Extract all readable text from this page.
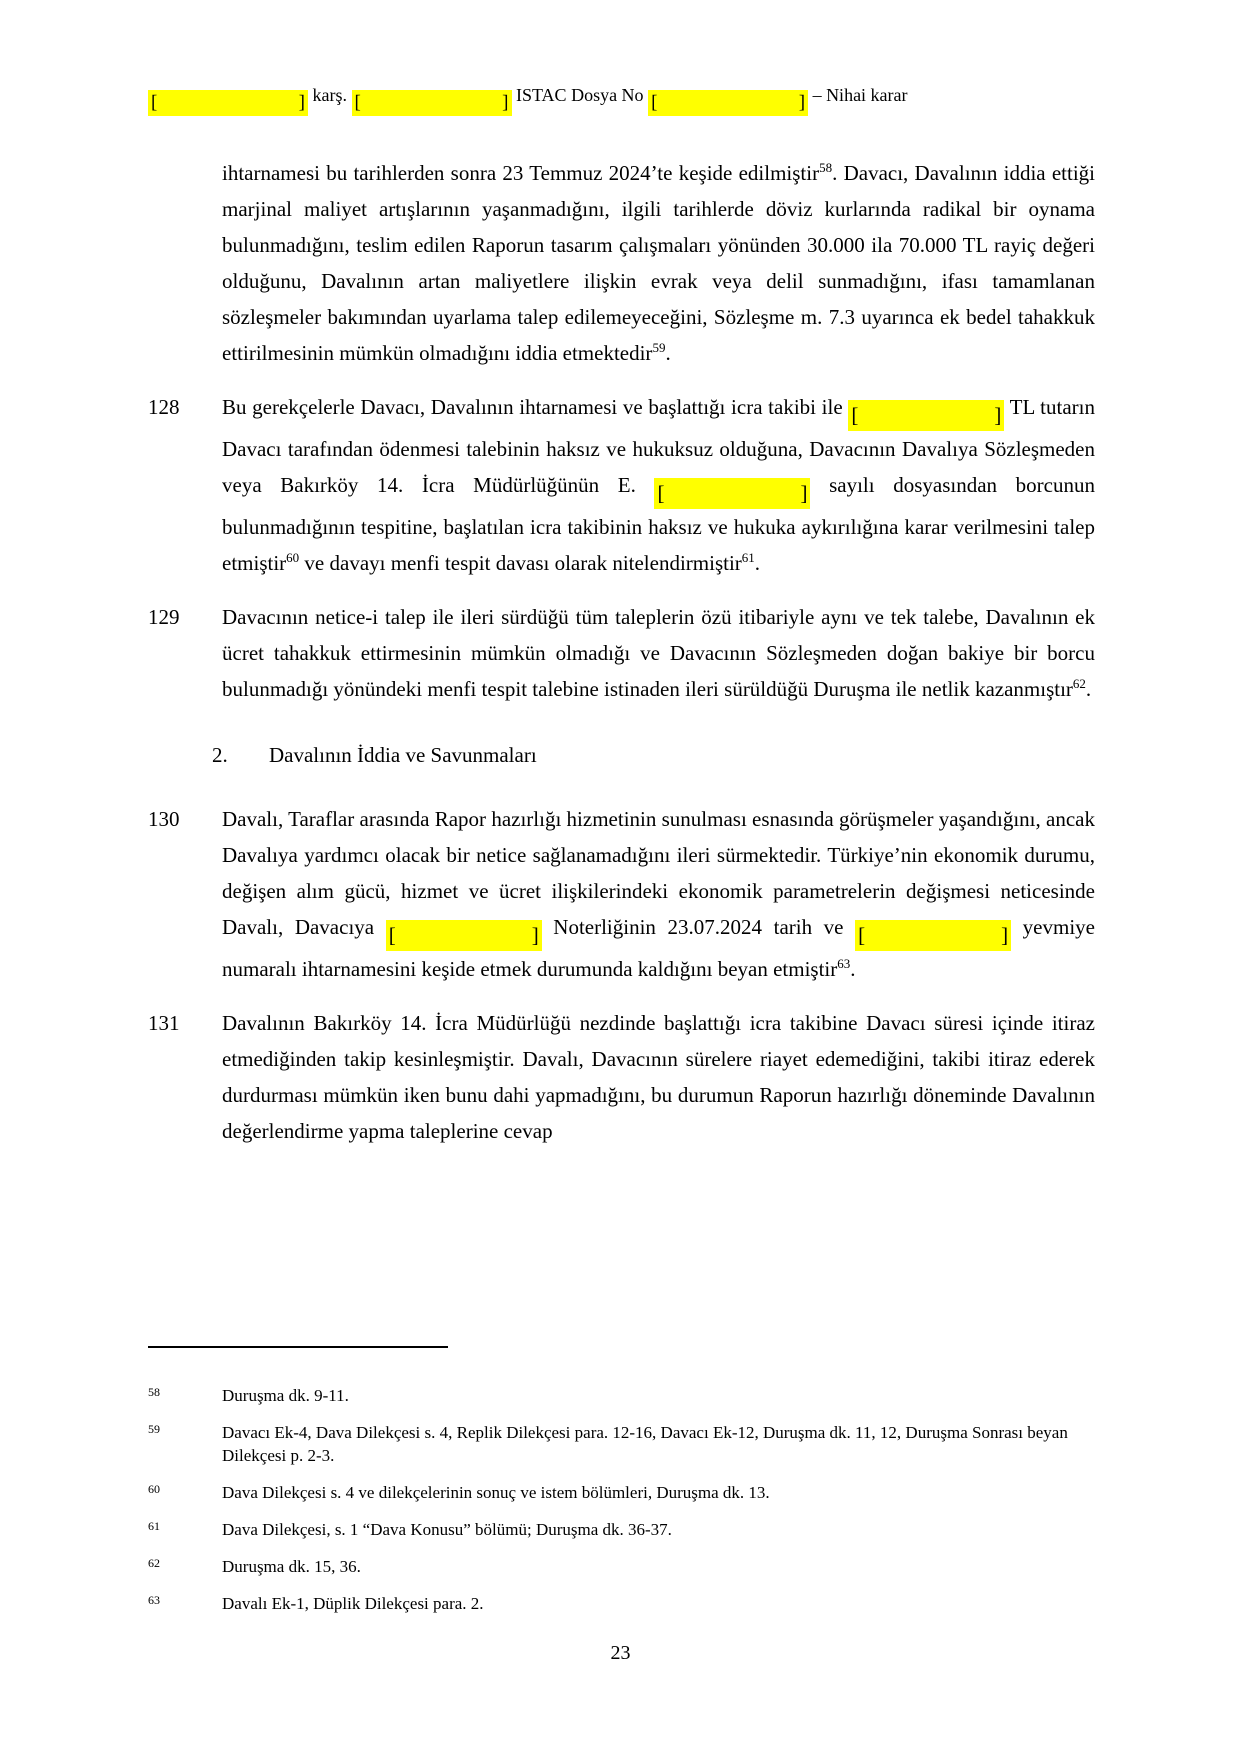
[	] karş. [	] ISTAC Dosya No [	] – Nihai karar
ihtarnamesi bu tarihlerden sonra 23 Temmuz 2024’te keşide edilmiştir$^{58}$. Davacı, Davalının iddia ettiği marjinal maliyet artışlarının yaşanmadığını, ilgili tarihlerde döviz kurlarında radikal bir oynama bulunmadığını, teslim edilen Raporun tasarım çalışmaları yönünden 30.000 ila 70.000 TL rayiç değeri olduğunu, Davalının artan maliyetlere ilişkin evrak veya delil sunmadığını, ifası tamamlanan sözleşmeler bakımından uyarlama talep edilemeyeceğini, Sözleşme m. 7.3 uyarınca ek bedel tahakkuk ettirilmesinin mümkün olmadığını iddia etmektedir$^{59}$.
128	Bu gerekçelerle Davacı, Davalının ihtarnamesi ve başlattığı icra takibi ile [	] TL tutarın Davacı tarafından ödenmesi talebinin haksız ve hukuksuz olduğuna, Davacının Davalıya Sözleşmeden veya Bakırköy 14. İcra Müdürlüğünün E. [	] sayılı dosyasından borcunun bulunmadığının tespitine, başlatılan icra takibinin haksız ve hukuka aykırılığına karar verilmesini talep etmiştir$^{60}$ ve davayı menfi tespit davası olarak nitelendirmiştir$^{61}$.
129	Davacının netice-i talep ile ileri sürdüğü tüm taleplerin özü itibariyle aynı ve tek talebe, Davalının ek ücret tahakkuk ettirmesinin mümkün olmadığı ve Davacının Sözleşmeden doğan bakiye bir borcu bulunmadığı yönündeki menfi tespit talebine istinaden ileri sürüldüğü Duruşma ile netlik kazanmıştır$^{62}$.
2. Davalının İddia ve Savunmaları
130	Davalı, Taraflar arasında Rapor hazırlığı hizmetinin sunulması esnasında görüşmeler yaşandığını, ancak Davalıya yardımcı olacak bir netice sağlanamadığını ileri sürmektedir. Türkiye’nin ekonomik durumu, değişen alım gücü, hizmet ve ücret ilişkilerindeki ekonomik parametrelerin değişmesi neticesinde Davalı, Davacıya [	] Noterliğinin 23.07.2024 tarih ve [	] yevmiye numaralı ihtarnamesini keşide etmek durumunda kaldığını beyan etmiştir$^{63}$.
131	Davalının Bakırköy 14. İcra Müdürlüğü nezdinde başlattığı icra takibine Davacı süresi içinde itiraz etmediğinden takip kesinleşmiştir. Davalı, Davacının sürelere riayet edemediğini, takibi itiraz ederek durdurması mümkün iken bunu dahi yapmadığını, bu durumun Raporun hazırlığı döneminde Davalının değerlendirme yapma taleplerine cevap
58	Duruşma dk. 9-11.
59	Davacı Ek-4, Dava Dilekçesi s. 4, Replik Dilekçesi para. 12-16, Davacı Ek-12, Duruşma dk. 11, 12, Duruşma Sonrası beyan Dilekçesi p. 2-3.
60	Dava Dilekçesi s. 4 ve dilekçelerinin sonuç ve istem bölümleri, Duruşma dk. 13.
61	Dava Dilekçesi, s. 1 “Dava Konusu” bölümü; Duruşma dk. 36-37.
62	Duruşma dk. 15, 36.
63	Davalı Ek-1, Düplik Dilekçesi para. 2.
23
